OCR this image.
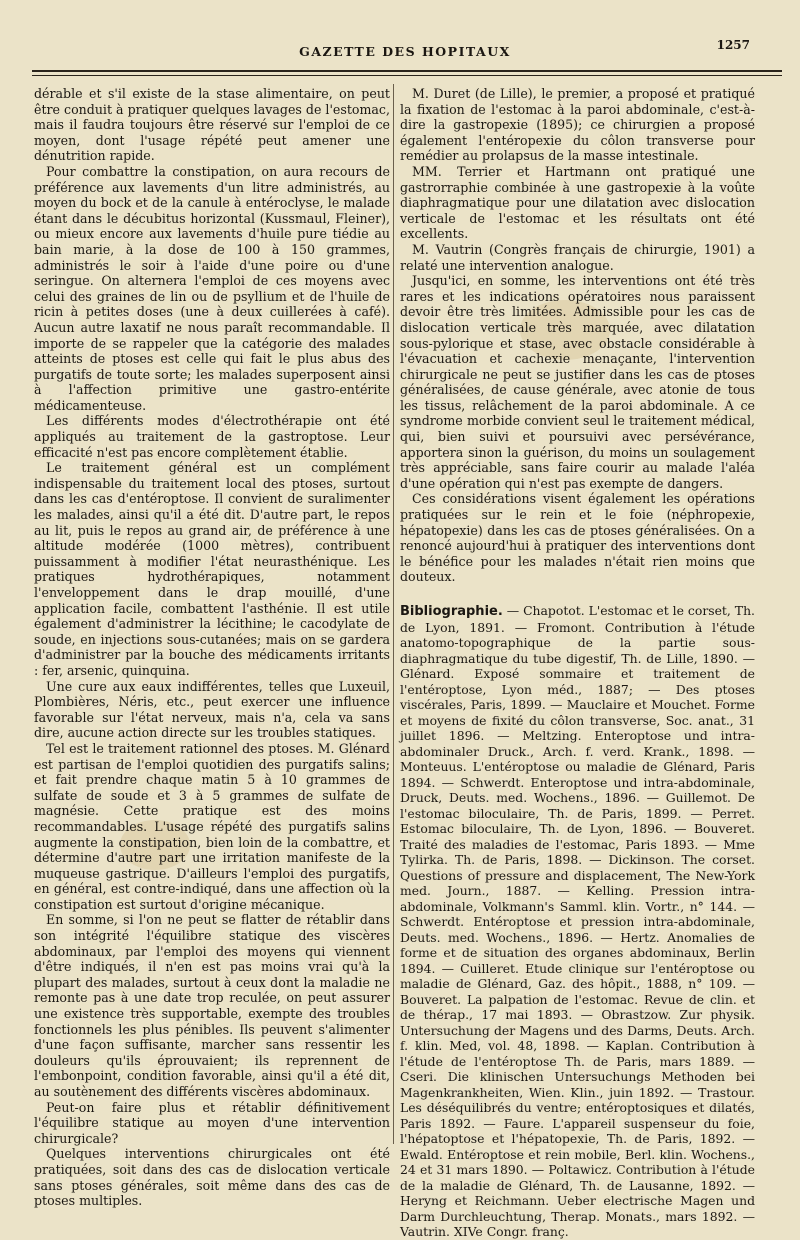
GAZETTE DES HOPITAUX	1257

dérable et s'il existe de la stase alimentaire, on peut être conduit à pratiquer quelques lavages de l'estomac, mais il faudra toujours être réservé sur l'emploi de ce moyen, dont l'usage répété peut amener une dénutrition rapide.

Pour combattre la constipation, on aura recours de préférence aux lavements d'un litre administrés, au moyen du bock et de la canule à entéroclyse, le malade étant dans le décubitus horizontal (Kussmaul, Fleiner), ou mieux encore aux lavements d'huile pure tiédie au bain marie, à la dose de 100 à 150 grammes, administrés le soir à l'aide d'une poire ou d'une seringue. On alternera l'emploi de ces moyens avec celui des graines de lin ou de psyllium et de l'huile de ricin à petites doses (une à deux cuillerées à café). Aucun autre laxatif ne nous paraît recommandable. Il importe de se rappeler que la catégorie des malades atteints de ptoses est celle qui fait le plus abus des purgatifs de toute sorte; les malades superposent ainsi à l'affection primitive une gastro-entérite médicamenteuse.

Les différents modes d'électrothérapie ont été appliqués au traitement de la gastroptose. Leur efficacité n'est pas encore complètement établie.

Le traitement général est un complément indispensable du traitement local des ptoses, surtout dans les cas d'entéroptose. Il convient de suralimenter les malades, ainsi qu'il a été dit. D'autre part, le repos au lit, puis le repos au grand air, de préférence à une altitude modérée (1000 mètres), contribuent puissamment à modifier l'état neurasthénique. Les pratiques hydrothérapiques, notamment l'enveloppement dans le drap mouillé, d'une application facile, combattent l'asthénie. Il est utile également d'administrer la lécithine; le cacodylate de soude, en injections sous-cutanées; mais on se gardera d'administrer par la bouche des médicaments irritants : fer, arsenic, quinquina.

Une cure aux eaux indifférentes, telles que Luxeuil, Plombières, Néris, etc., peut exercer une influence favorable sur l'état nerveux, mais n'a, cela va sans dire, aucune action directe sur les troubles statiques.

Tel est le traitement rationnel des ptoses. M. Glénard est partisan de l'emploi quotidien des purgatifs salins; et fait prendre chaque matin 5 à 10 grammes de sulfate de soude et 3 à 5 grammes de sulfate de magnésie. Cette pratique est des moins recommandables. L'usage répété des purgatifs salins augmente la constipation, bien loin de la combattre, et détermine d'autre part une irritation manifeste de la muqueuse gastrique. D'ailleurs l'emploi des purgatifs, en général, est contre-indiqué, dans une affection où la constipation est surtout d'origine mécanique.

En somme, si l'on ne peut se flatter de rétablir dans son intégrité l'équilibre statique des viscères abdominaux, par l'emploi des moyens qui viennent d'être indiqués, il n'en est pas moins vrai qu'à la plupart des malades, surtout à ceux dont la maladie ne remonte pas à une date trop reculée, on peut assurer une existence très supportable, exempte des troubles fonctionnels les plus pénibles. Ils peuvent s'alimenter d'une façon suffisante, marcher sans ressentir les douleurs qu'ils éprouvaient; ils reprennent de l'embonpoint, condition favorable, ainsi qu'il a été dit, au soutènement des différents viscères abdominaux.

Peut-on faire plus et rétablir définitivement l'équilibre statique au moyen d'une intervention chirurgicale?

Quelques interventions chirurgicales ont été pratiquées, soit dans des cas de dislocation verticale sans ptoses générales, soit même dans des cas de ptoses multiples.

M. Duret (de Lille), le premier, a proposé et pratiqué la fixation de l'estomac à la paroi abdominale, c'est-à-dire la gastropexie (1895); ce chirurgien a proposé également l'entéropexie du côlon transverse pour remédier au prolapsus de la masse intestinale.

MM. Terrier et Hartmann ont pratiqué une gastrorraphie combinée à une gastropexie à la voûte diaphragmatique pour une dilatation avec dislocation verticale de l'estomac et les résultats ont été excellents.

M. Vautrin (Congrès français de chirurgie, 1901) a relaté une intervention analogue.

Jusqu'ici, en somme, les interventions ont été très rares et les indications opératoires nous paraissent devoir être très limitées. Admissible pour les cas de dislocation verticale très marquée, avec dilatation sous-pylorique et stase, avec obstacle considérable à l'évacuation et cachexie menaçante, l'intervention chirurgicale ne peut se justifier dans les cas de ptoses généralisées, de cause générale, avec atonie de tous les tissus, relâchement de la paroi abdominale. A ce syndrome morbide convient seul le traitement médical, qui, bien suivi et poursuivi avec persévérance, apportera sinon la guérison, du moins un soulagement très appréciable, sans faire courir au malade l'aléa d'une opération qui n'est pas exempte de dangers.

Ces considérations visent également les opérations pratiquées sur le rein et le foie (néphropexie, hépatopexie) dans les cas de ptoses généralisées. On a renoncé aujourd'hui à pratiquer des interventions dont le bénéfice pour les malades n'était rien moins que douteux.

Bibliographie. — Chapotot. L'estomac et le corset, Th. de Lyon, 1891. — Fromont. Contribution à l'étude anatomo-topographique de la partie sous-diaphragmatique du tube digestif, Th. de Lille, 1890. — Glénard. Exposé sommaire et traitement de l'entéroptose, Lyon méd., 1887; — Des ptoses viscérales, Paris, 1899. — Mauclaire et Mouchet. Forme et moyens de fixité du côlon transverse, Soc. anat., 31 juillet 1896. — Meltzing. Enteroptose und intra-abdominaler Druck., Arch. f. verd. Krank., 1898. — Monteuus. L'entéroptose ou maladie de Glénard, Paris 1894. — Schwerdt. Enteroptose und intra-abdominale, Druck, Deuts. med. Wochens., 1896. — Guillemot. De l'estomac biloculaire, Th. de Paris, 1899. — Perret. Estomac biloculaire, Th. de Lyon, 1896. — Bouveret. Traité des maladies de l'estomac, Paris 1893. — Mme Tylirka. Th. de Paris, 1898. — Dickinson. The corset. Questions of pressure and displacement, The New-York med. Journ., 1887. — Kelling. Pression intra-abdominale, Volkmann's Samml. klin. Vortr., n° 144. — Schwerdt. Entéroptose et pression intra-abdominale, Deuts. med. Wochens., 1896. — Hertz. Anomalies de forme et de situation des organes abdominaux, Berlin 1894. — Cuilleret. Etude clinique sur l'entéroptose ou maladie de Glénard, Gaz. des hôpit., 1888, n° 109. — Bouveret. La palpation de l'estomac. Revue de clin. et de thérap., 17 mai 1893. — Obrastzow. Zur physik. Untersuchung der Magens und des Darms, Deuts. Arch. f. klin. Med, vol. 48, 1898. — Kaplan. Contribution à l'étude de l'entéroptose Th. de Paris, mars 1889. — Cseri. Die klinischen Untersuchungs Methoden bei Magenkrankheiten, Wien. Klin., juin 1892. — Trastour. Les déséquilibrés du ventre; entéroptosiques et dilatés, Paris 1892. — Faure. L'appareil suspenseur du foie, l'hépatoptose et l'hépatopexie, Th. de Paris, 1892. — Ewald. Entéroptose et rein mobile, Berl. klin. Wochens., 24 et 31 mars 1890. — Poltawicz. Contribution à l'étude de la maladie de Glénard, Th. de Lausanne, 1892. — Heryng et Reichmann. Ueber electrische Magen und Darm Durchleuchtung, Therap. Monats., mars 1892. — Vautrin. XIVe Congr. franç.
